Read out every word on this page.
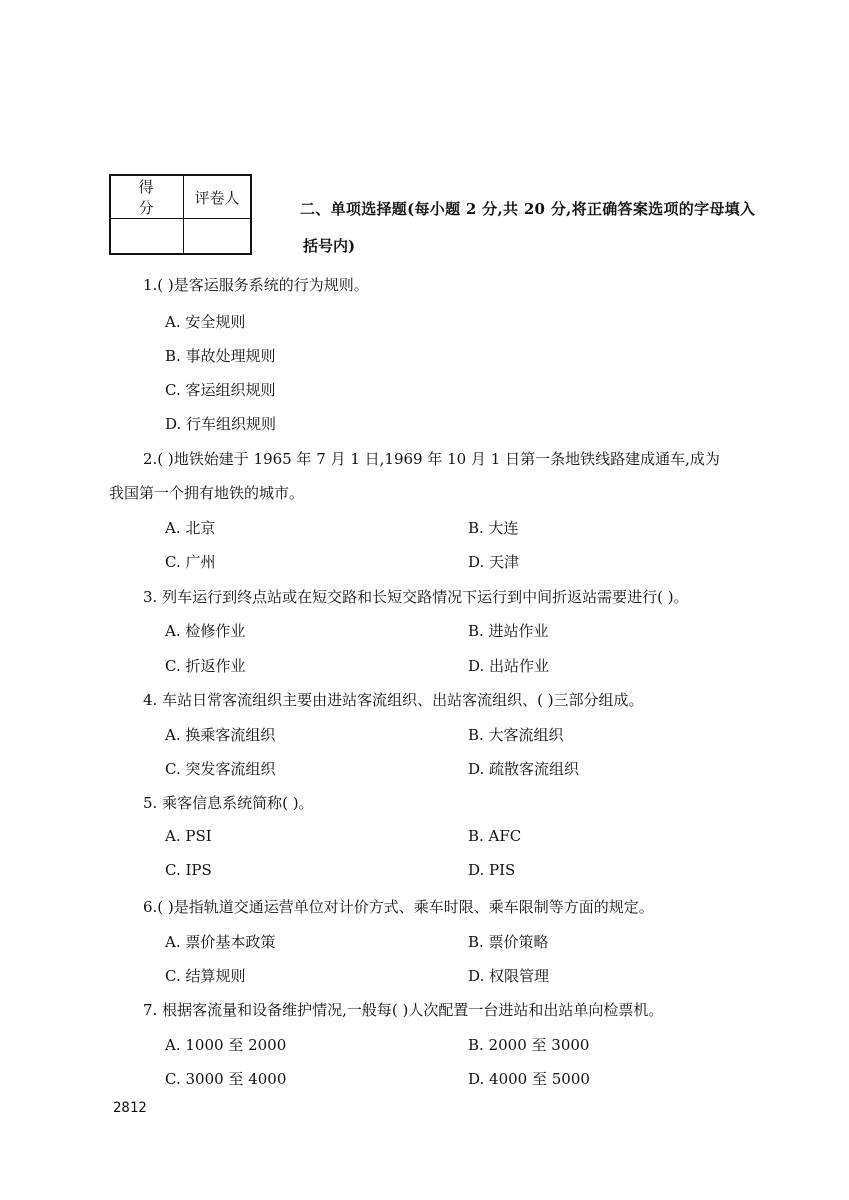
得 分	评卷人

二、单项选择题(每小题 2 分,共 20 分,将正确答案选项的字母填入
括号内)
1.( )是客运服务系统的行为规则。
A. 安全规则
B. 事故处理规则
C. 客运组织规则
D. 行车组织规则
2.( )地铁始建于 1965 年 7 月 1 日,1969 年 10 月 1 日第一条地铁线路建成通车,成为
我国第一个拥有地铁的城市。
A. 北京	B. 大连
C. 广州	D. 天津
3. 列车运行到终点站或在短交路和长短交路情况下运行到中间折返站需要进行( )。
A. 检修作业	B. 进站作业
C. 折返作业	D. 出站作业
4. 车站日常客流组织主要由进站客流组织、出站客流组织、( )三部分组成。
A. 换乘客流组织	B. 大客流组织
C. 突发客流组织	D. 疏散客流组织
5. 乘客信息系统简称( )。
A. PSI	B. AFC
C. IPS	D. PIS
6.( )是指轨道交通运营单位对计价方式、乘车时限、乘车限制等方面的规定。
A. 票价基本政策	B. 票价策略
C. 结算规则	D. 权限管理
7. 根据客流量和设备维护情况,一般每( )人次配置一台进站和出站单向检票机。
A. 1000 至 2000	B. 2000 至 3000
C. 3000 至 4000	D. 4000 至 5000
2812
